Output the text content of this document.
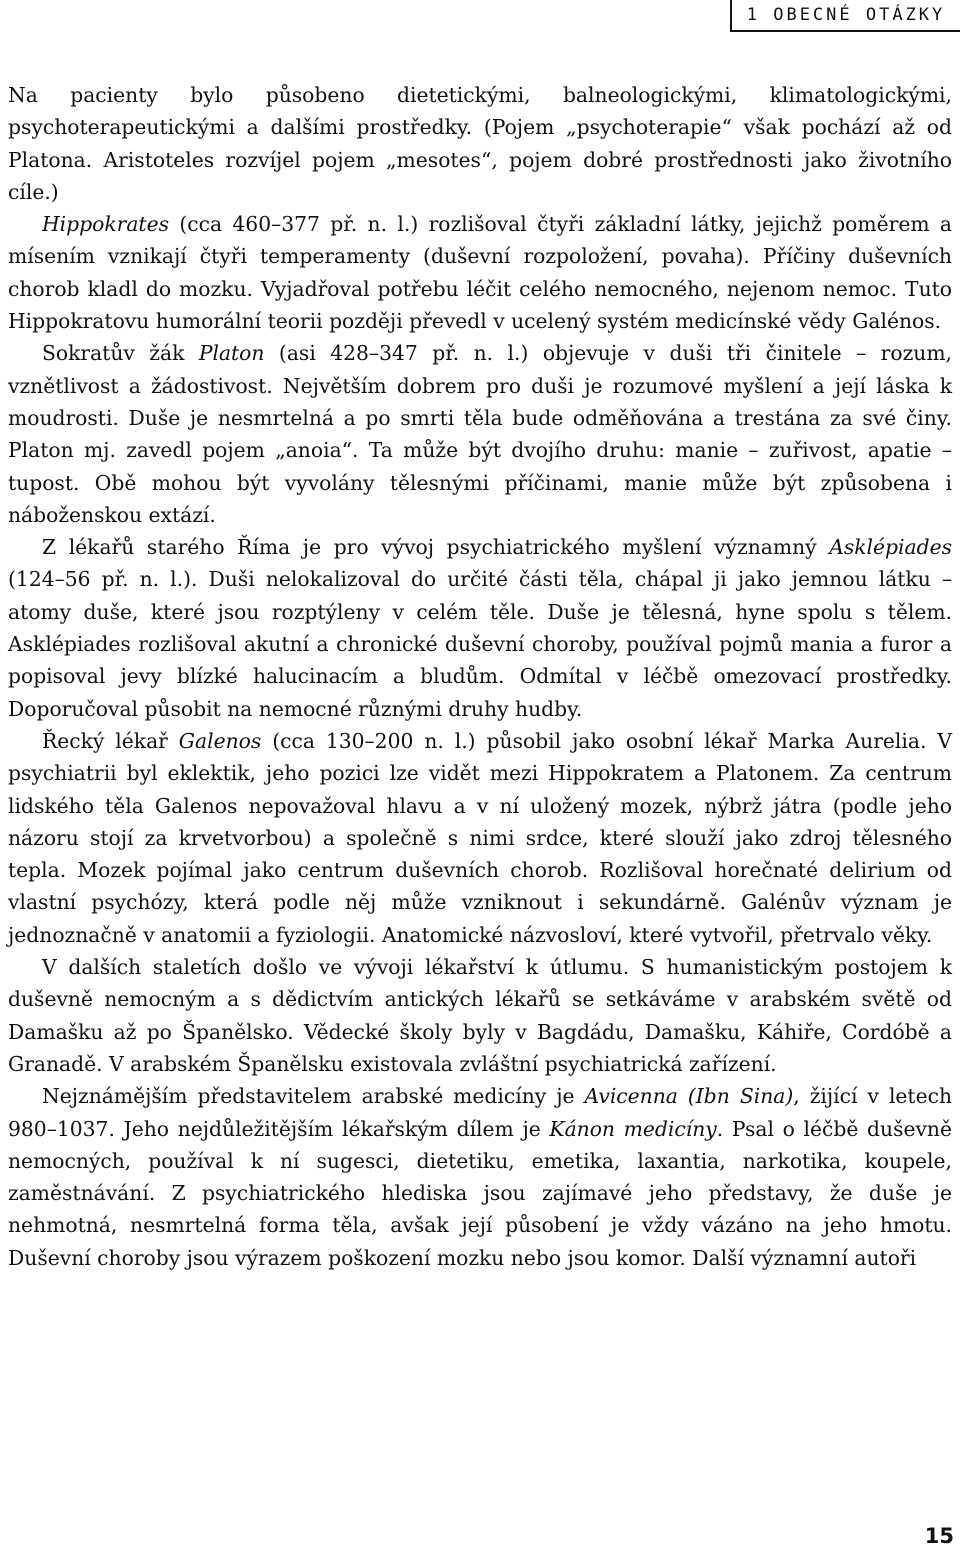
1 OBECNÉ OTÁZKY

Na pacienty bylo působeno dietetickými, balneologickými, klimatologickými, psychoterapeutickými a dalšími prostředky. (Pojem „psychoterapie“ však pochází až od Platona. Aristoteles rozvíjel pojem „mesotes“, pojem dobré prostřednosti jako životního cíle.)

Hippokrates (cca 460–377 př. n. l.) rozlišoval čtyři základní látky, jejichž poměrem a mísením vznikají čtyři temperamenty (duševní rozpoložení, povaha). Příčiny duševních chorob kladl do mozku. Vyjadřoval potřebu léčit celého nemocného, nejenom nemoc. Tuto Hippokratovu humorální teorii později převedl v ucelený systém medicínské vědy Galénos.

Sokratův žák Platon (asi 428–347 př. n. l.) objevuje v duši tři činitele – rozum, vznětlivost a žádostivost. Největším dobrem pro duši je rozumové myšlení a její láska k moudrosti. Duše je nesmrtelná a po smrti těla bude odměňována a trestána za své činy. Platon mj. zavedl pojem „anoia“. Ta může být dvojího druhu: manie – zuřivost, apatie – tupost. Obě mohou být vyvolány tělesnými příčinami, manie může být způsobena i náboženskou extází.

Z lékařů starého Říma je pro vývoj psychiatrického myšlení významný Asklépiades (124–56 př. n. l.). Duši nelokalizoval do určité části těla, chápal ji jako jemnou látku – atomy duše, které jsou rozptýleny v celém těle. Duše je tělesná, hyne spolu s tělem. Asklépiades rozlišoval akutní a chronické duševní choroby, používal pojmů mania a furor a popisoval jevy blízké halucinacím a bludům. Odmítal v léčbě omezovací prostředky. Doporučoval působit na nemocné různými druhy hudby.

Řecký lékař Galenos (cca 130–200 n. l.) působil jako osobní lékař Marka Aurelia. V psychiatrii byl eklektik, jeho pozici lze vidět mezi Hippokratem a Platonem. Za centrum lidského těla Galenos nepovažoval hlavu a v ní uložený mozek, nýbrž játra (podle jeho názoru stojí za krvetvorbou) a společně s nimi srdce, které slouží jako zdroj tělesného tepla. Mozek pojímal jako centrum duševních chorob. Rozlišoval horečnaté delirium od vlastní psychózy, která podle něj může vzniknout i sekundárně. Galénův význam je jednoznačně v anatomii a fyziologii. Anatomické názvosloví, které vytvořil, přetrvalo věky.

V dalších staletích došlo ve vývoji lékařství k útlumu. S humanistickým postojem k duševně nemocným a s dědictvím antických lékařů se setkáváme v arabském světě od Damašku až po Španělsko. Vědecké školy byly v Bagdádu, Damašku, Káhiře, Cordóbě a Granadě. V arabském Španělsku existovala zvláštní psychiatrická zařízení.

Nejznámějším představitelem arabské medicíny je Avicenna (Ibn Sina), žijící v letech 980–1037. Jeho nejdůležitějším lékařským dílem je Kánon medicíny. Psal o léčbě duševně nemocných, používal k ní sugesci, dietetiku, emetika, laxantia, narkotika, koupele, zaměstnávání. Z psychiatrického hlediska jsou zajímavé jeho představy, že duše je nehmotná, nesmrtelná forma těla, avšak její působení je vždy vázáno na jeho hmotu. Duševní choroby jsou výrazem poškození mozku nebo jsou komor. Další významní autoři

15
